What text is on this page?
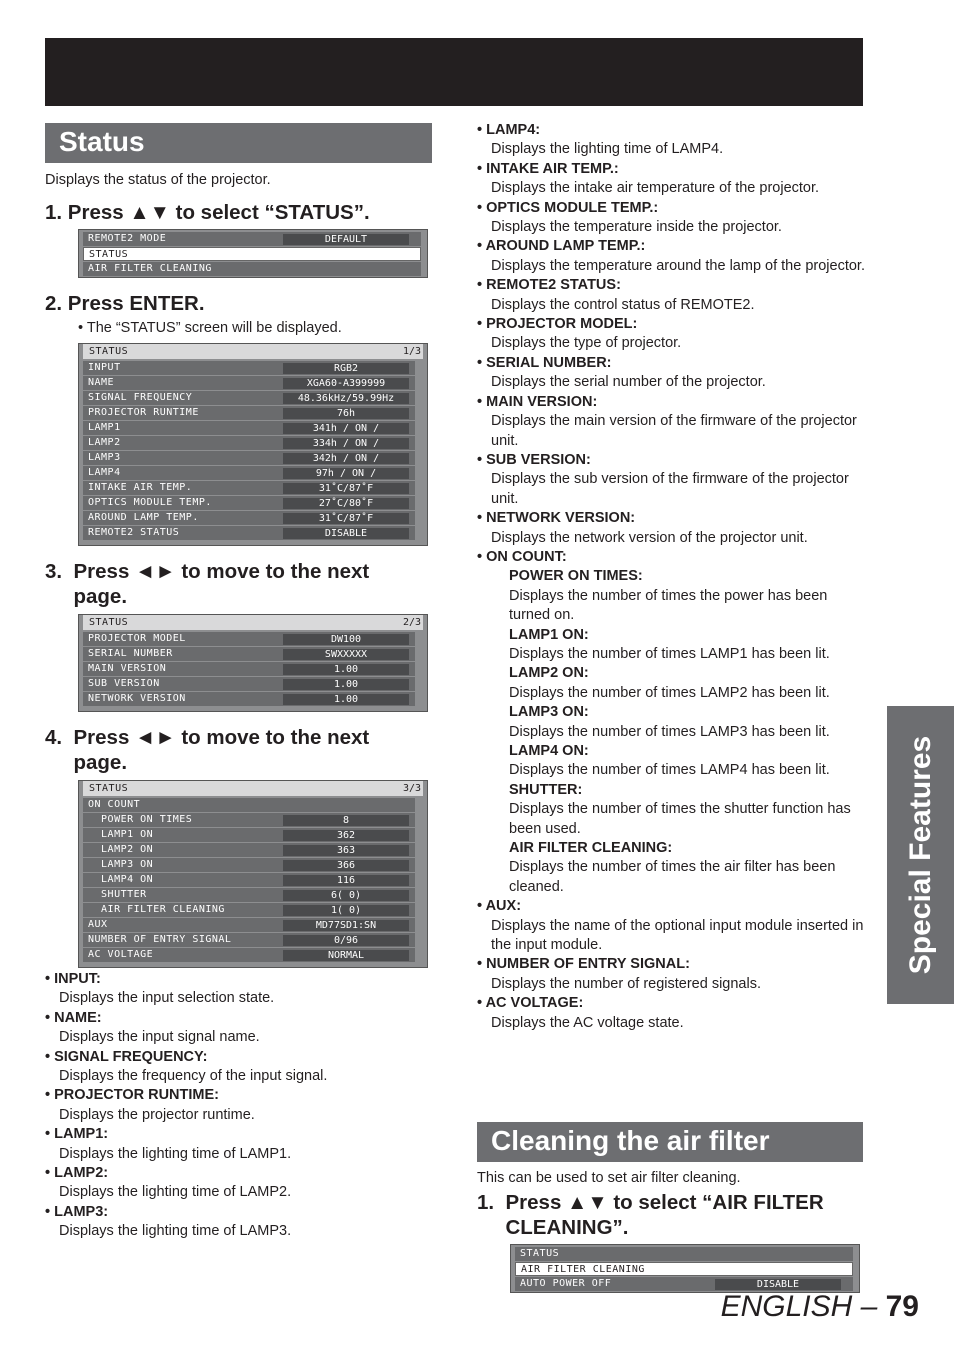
Status
Displays the status of the projector.
1. Press ▲▼ to select “STATUS”.
REMOTE2 MODE	DEFAULT
STATUS
AIR FILTER CLEANING
2. Press ENTER.
• The “STATUS” screen will be displayed.
STATUS	1/3
INPUT	RGB2
NAME	XGA60-A399999
SIGNAL FREQUENCY	48.36kHz/59.99Hz
PROJECTOR RUNTIME	76h
LAMP1	341h / ON /
LAMP2	334h / ON /
LAMP3	342h / ON /
LAMP4	97h / ON /
INTAKE AIR TEMP.	31˚C/87˚F
OPTICS MODULE TEMP.	27˚C/80˚F
AROUND LAMP TEMP.	31˚C/87˚F
REMOTE2 STATUS	DISABLE
3.  Press ◄► to move to the next
page.
STATUS	2/3
PROJECTOR MODEL	DW100
SERIAL NUMBER	SWXXXXX
MAIN VERSION	1.00
SUB VERSION	1.00
NETWORK VERSION	1.00
4.  Press ◄► to move to the next
page.
STATUS	3/3
ON COUNT
POWER ON TIMES	8
LAMP1 ON	362
LAMP2 ON	363
LAMP3 ON	366
LAMP4 ON	116
SHUTTER	6( 0)
AIR FILTER CLEANING	1( 0)
AUX	MD77SD1:SN
NUMBER OF ENTRY SIGNAL	0/96
AC VOLTAGE	NORMAL
• INPUT:
Displays the input selection state.
• NAME:
Displays the input signal name.
• SIGNAL FREQUENCY:
Displays the frequency of the input signal.
• PROJECTOR RUNTIME:
Displays the projector runtime.
• LAMP1:
Displays the lighting time of LAMP1.
• LAMP2:
Displays the lighting time of LAMP2.
• LAMP3:
Displays the lighting time of LAMP3.
• LAMP4:
Displays the lighting time of LAMP4.
• INTAKE AIR TEMP.:
Displays the intake air temperature of the projector.
• OPTICS MODULE TEMP.:
Displays the temperature inside the projector.
• AROUND LAMP TEMP.:
Displays the temperature around the lamp of the projector.
• REMOTE2 STATUS:
Displays the control status of REMOTE2.
• PROJECTOR MODEL:
Displays the type of projector.
• SERIAL NUMBER:
Displays the serial number of the projector.
• MAIN VERSION:
Displays the main version of the firmware of the projector unit.
• SUB VERSION:
Displays the sub version of the firmware of the projector unit.
• NETWORK VERSION:
Displays the network version of the projector unit.
• ON COUNT:
POWER ON TIMES:
Displays the number of times the power has been turned on.
LAMP1 ON:
Displays the number of times LAMP1 has been lit.
LAMP2 ON:
Displays the number of times LAMP2 has been lit.
LAMP3 ON:
Displays the number of times LAMP3 has been lit.
LAMP4 ON:
Displays the number of times LAMP4 has been lit.
SHUTTER:
Displays the number of times the shutter function has been used.
AIR FILTER CLEANING:
Displays the number of times the air filter has been cleaned.
• AUX:
Displays the name of the optional input module inserted in the input module.
• NUMBER OF ENTRY SIGNAL:
Displays the number of registered signals.
• AC VOLTAGE:
Displays the AC voltage state.
Cleaning the air filter
This can be used to set air filter cleaning.
1.  Press ▲▼ to select “AIR FILTER
CLEANING”.
STATUS
AIR FILTER CLEANING
AUTO POWER OFF	DISABLE
Special Features
ENGLISH – 79
